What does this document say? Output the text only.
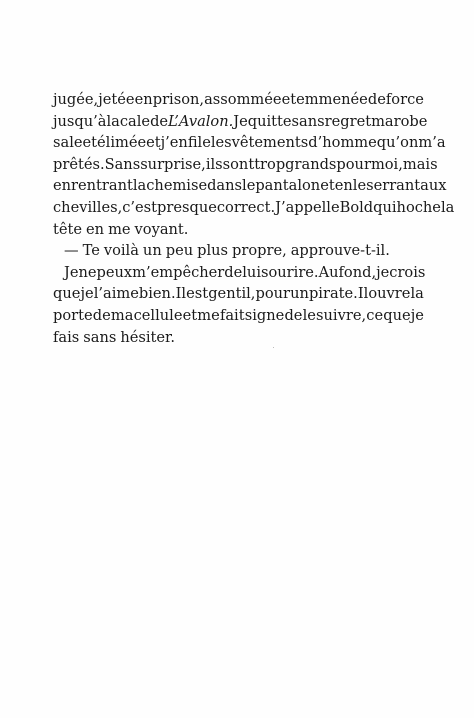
jugée, jetée en prison, assommée et emmenée de force
jusqu’à la cale de L’Avalon. Je quitte sans regret ma robe
sale et élimée et j’enfile les vêtements d’homme qu’on m’a
prêtés. Sans surprise, ils sont trop grands pour moi, mais
en rentrant la chemise dans le pantalon et en le serrant aux
chevilles, c’est presque correct. J’appelle Bold qui hoche la
tête en me voyant.
— Te voilà un peu plus propre, approuve-t-il.
Je ne peux m’empêcher de lui sourire. Au fond, je crois
que je l’aime bien. Il est gentil, pour un pirate. Il ouvre la
porte de ma cellule et me fait signe de le suivre, ce que je
fais sans hésiter.
